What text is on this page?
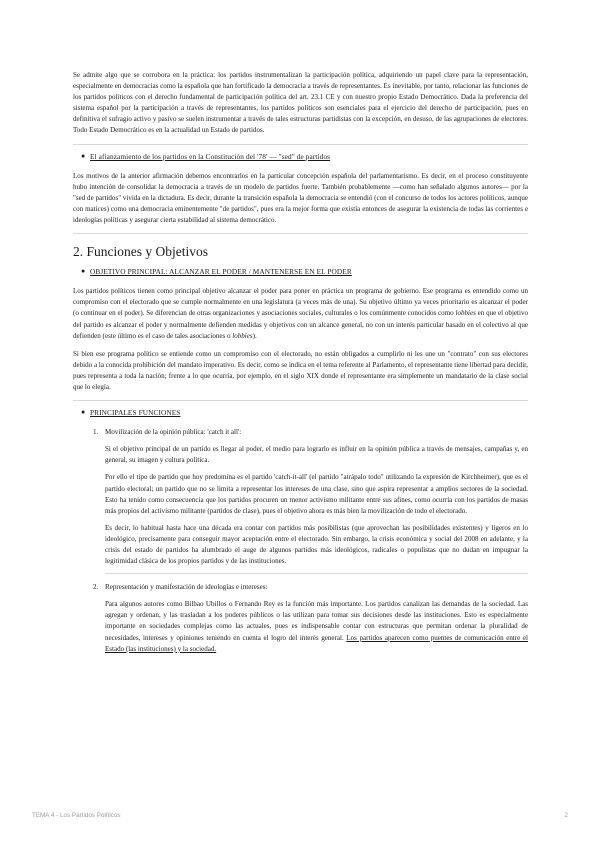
Se admite algo que se corrobora en la práctica: los partidos instrumentalizan la participación política, adquiriendo un papel clave para la representación, especialmente en democracias como la española que han fortificado la democracia a través de representantes. Es inevitable, por tanto, relacionar las funciones de los partidos políticos con el derecho fundamental de participación política del art. 23.1 CE y con nuestro propio Estado Democrático. Dada la preferencia del sistema español por la participación a través de representantes, los partidos políticos son esenciales para el ejercicio del derecho de participación, pues en definitiva el sufragio activo y pasivo se suelen instrumentar a través de tales estructuras partidistas con la excepción, en desuso, de las agrupaciones de electores. Todo Estado Democrático es en la actualidad un Estado de partidos.

● El afianzamiento de los partidos en la Constitución del '78' — "sed" de partidos

Los motivos de la anterior afirmación debemos encontrarlos en la particular concepción española del parlamentarismo. Es decir, en el proceso constituyente hubo intención de consolidar la democracia a través de un modelo de partidos fuerte. También probablemente —como han señalado algunos autores— por la "sed de partidos" vivida en la dictadura. Es decir, durante la transición española la democracia se entendió (con el concurso de todos los actores políticos, aunque con matices) como una democracia eminentemente "de partidos", pues era la mejor forma que existía entonces de asegurar la existencia de todas las corrientes e ideologías políticas y asegurar cierta estabilidad al sistema democrático.

2. Funciones y Objetivos
● OBJETIVO PRINCIPAL: ALCANZAR EL PODER / MANTENERSE EN EL PODER

Los partidos políticos tienen como principal objetivo alcanzar el poder para poner en práctica un programa de gobierno. Ese programa es entendido como un compromiso con el electorado que se cumple normalmente en una legislatura (a veces más de una). Su objetivo último ya veces prioritario es alcanzar el poder (o continuar en el poder). Se diferencian de otras organizaciones y asociaciones sociales, culturales o los comúnmente conocidos como lobbies en que el objetivo del partido es alcanzar el poder y normalmente defienden medidas y objetivos con un alcance general, no con un interés particular basado en el colectivo al que defienden (este último es el caso de tales asociaciones o lobbies).

Si bien ese programa político se entiende como un compromiso con el electorado, no están obligados a cumplirlo ni les une un "contrato" con sus electores debido a la conocida prohibición del mandato imperativo. Es decir, como se indica en el tema referente al Parlamento, el representante tiene libertad para decidir, pues representa a toda la nación; frente a lo que ocurría, por ejemplo, en el siglo XIX donde el representante era simplemente un mandatario de la clase social que lo elegía.

● PRINCIPALES FUNCIONES
1. Movilización de la opinión pública: 'catch it all':

Si el objetivo principal de un partido es llegar al poder, el medio para lograrlo es influir en la opinión pública a través de mensajes, campañas y, en general, su imagen y cultura política.

Por ello el tipo de partido que hoy predomina es el partido 'catch-it-all' (el partido "atrápalo todo" utilizando la expresión de Kirchheimer), que es el partido electoral; un partido que no se limita a representar los intereses de una clase, sino que aspira representar a amplios sectores de la sociedad. Esto ha tenido como consecuencia que los partidos procuren un menor activismo militante entre sus afines, como ocurría con los partidos de masas más propios del activismo militante (partidos de clase), pues el objetivo ahora es más bien la movilización de todo el electorado.

Es decir, lo habitual hasta hace una década era contar con partidos más posibilistas (que aprovechan las posibilidades existentes) y ligeros en lo ideológico, precisamente para conseguir mayor aceptación entre el electorado. Sin embargo, la crisis económica y social del 2008 en adelante, y la crisis del estado de partidos ha alumbrado el auge de algunos partidos más ideológicos, radicales o populistas que no dudan en impugnar la legitimidad clásica de los propios partidos y de las instituciones.

2. Representación y manifestación de ideologías e intereses:

Para algunos autores como Bilbao Ubillos o Fernando Rey es la función más importante. Los partidos canalizan las demandas de la sociedad. Las agregan y ordenan, y las trasladan a los poderes públicos o las utilizan para tomar sus decisiones desde las instituciones. Esto es especialmente importante en sociedades complejas como las actuales, pues es indispensable contar con estructuras que permitan ordenar la pluralidad de necesidades, intereses y opiniones teniendo en cuenta el logro del interés general. Los partidos aparecen como puentes de comunicación entre el Estado (las instituciones) y la sociedad.

TEMA 4 - Los Partidos Políticos	2
